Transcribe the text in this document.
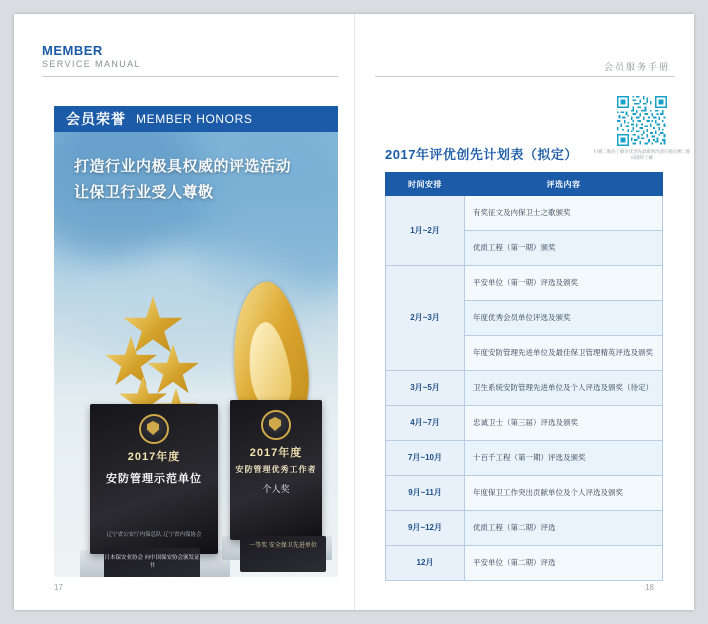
MEMBER
SERVICE MANUAL
会员荣誉 MEMBER HONORS
打造行业内极具权威的评选活动
让保卫行业受人尊敬
2017年度
安防管理示范单位
辽宁省公安厅内保总队 辽宁省内保协会
2017年度
安防管理优秀工作者
个人奖
日本保安业协会 向中国保安协会颁发证书
一等奖 安全保卫先进单位
17
会员服务手册
扫描二维码了解评优创先最新情况请扫描右侧二维码随时了解
2017年评优创先计划表（拟定）
时间安排	评选内容
1月~2月	有奖征文及内保卫士之歌颁奖
	优质工程（第一期）颁奖
2月~3月	平安单位（第一期）评选及颁奖
	年度优秀会员单位评选及颁奖
	年度安防管理先进单位及最佳保卫管理精英评选及颁奖
3月~5月	卫生系统安防管理先进单位及个人评选及颁奖（待定）
4月~7月	忠诚卫士（第三届）评选及颁奖
7月~10月	十百千工程（第一期）评选及颁奖
9月~11月	年度保卫工作突出贡献单位及个人评选及颁奖
9月~12月	优质工程（第二期）评选
12月	平安单位（第二期）评选
18
